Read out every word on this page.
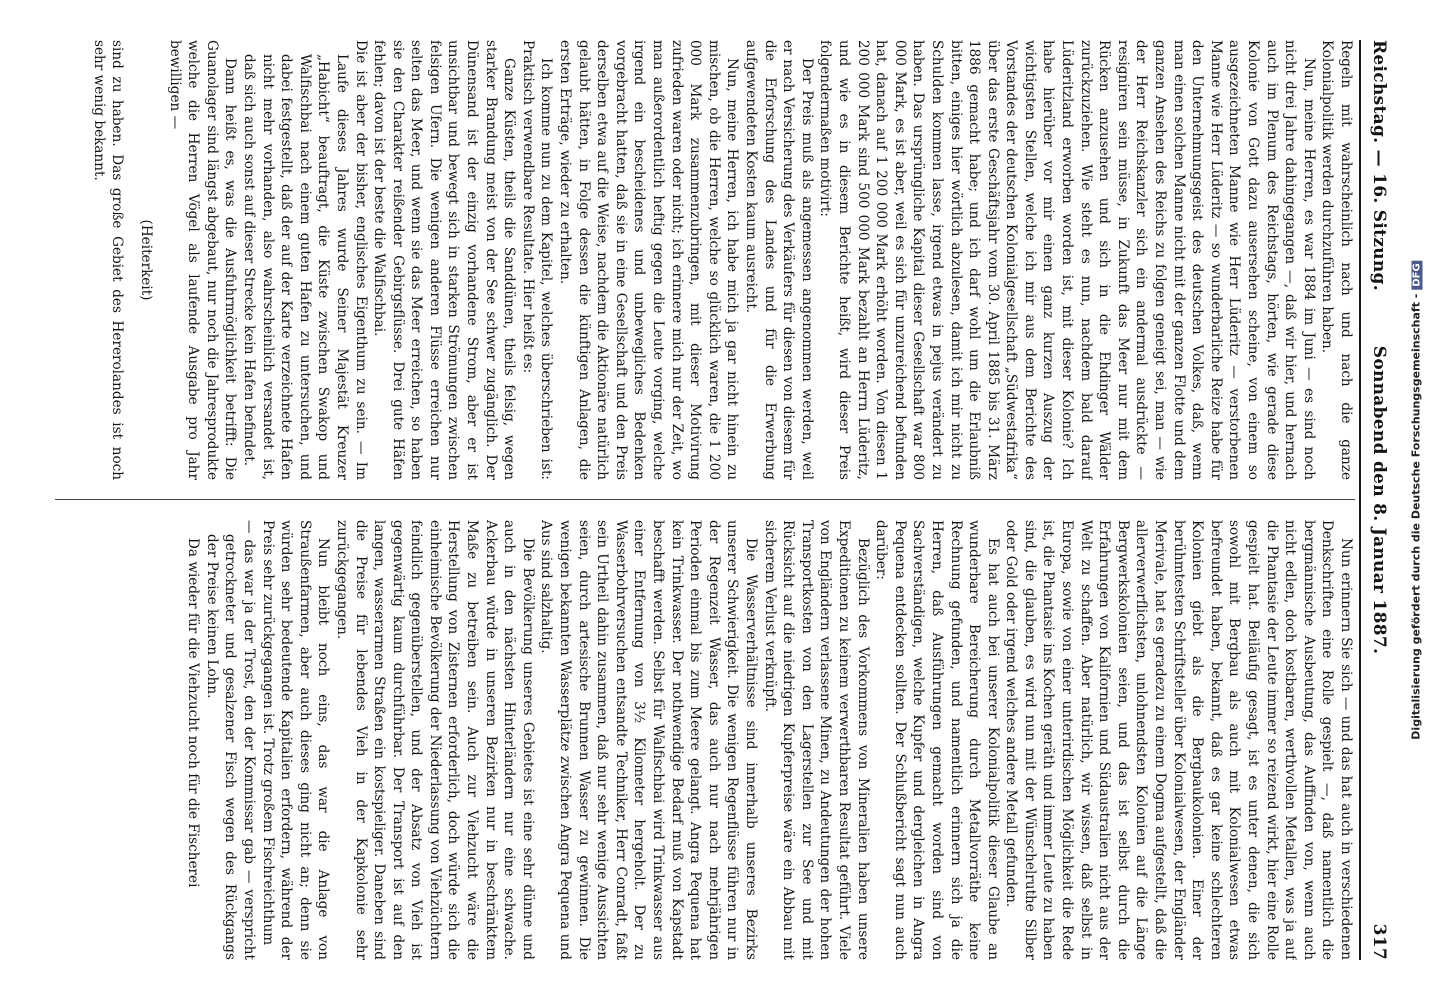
Reichstag. — 16. Sitzung.
Sonnabend den 8. Januar 1887.
317

Regeln mit wahrscheinlich nach und nach die ganze Kolonialpolitik werden durchzuführen haben.

Nun, meine Herren, es war 1884 im Juni — es sind noch nicht drei Jahre dahingegangen —, daß wir hier, und hernach auch im Plenum des Reichstags, hörten, wie gerade diese Kolonie von Gott dazu ausersehen scheine, von einem so ausgezeichneten Manne wie Herr Lüderitz — verstorbenen Manne wie Herr Lüderitz — so wunderbarliche Reize habe für den Unternehmungsgeist des deutschen Volkes, daß, wenn man einen solchen Manne nicht mit der ganzen Flotte und dem ganzen Ansehen des Reichs zu folgen geneigt sei, man — wie der Herr Reichskanzler sich ein andermal ausdrückte — resigniren sein müsse, in Zukunft das Meer nur mit dem Rücken anzusehen und sich in die Ehdinger Wälder zurückzuziehen. Wie steht es nun, nachdem bald darauf Lüderitzland erworben worden ist, mit dieser Kolonie? Ich habe hierüber vor mir einen ganz kurzen Auszug der wichtigsten Stellen, welche ich mir aus dem Berichte des Vorstandes der deutschen Kolonialgesellschaft „Südwestafrika“ über das erste Geschäftsjahr vom 30. April 1885 bis 31. März 1886 gemacht habe; und ich darf wohl um die Erlaubniß bitten, einiges hier wörtlich abzulesen, damit ich mir nicht zu Schulden kommen lasse, irgend etwas in pejus verändert zu haben. Das ursprüngliche Kapital dieser Gesellschaft war 800 000 Mark, es ist aber, weil es sich für unzureichend befunden hat, danach auf 1 200 000 Mark erhöht worden. Von diesen 1 200 000 Mark sind 500 000 Mark bezahlt an Herrn Lüderitz, und wie es in diesem Berichte heißt, wird dieser Preis folgendermaßen motivirt:

Der Preis muß als angemessen angenommen werden, weil er nach Versicherung des Verkäufers für diesen von diesem für die Erforschung des Landes und für die Erwerbung aufgewendeten Kosten kaum ausreicht.

Nun, meine Herren, ich habe mich ja gar nicht hinein zu mischen, ob die Herren, welche so glücklich waren, die 1 200 000 Mark zusammenzubringen, mit dieser Motivirung zufrieden waren oder nicht; ich erinnere mich nur der Zeit, wo man außerordentlich heftig gegen die Leute vorging, welche irgend ein bescheidenes und unbewegliches Bedenken vorgebracht hatten, daß sie in eine Gesellschaft und den Preis derselben etwa auf die Weise, nachdem die Aktionäre natürlich gelaubt hätten, in Folge dessen die künftigen Anlagen, die ersten Erträge, wieder zu erhalten.

Ich komme nun zu dem Kapitel, welches überschrieben ist: Praktisch verwendbare Resultate. Hier heißt es:

Ganze Küsten, theils die Sanddünen, theils felsig, wegen starker Brandung meist von der See schwer zugänglich. Der Dünensand ist der einzig vorhandene Strom, aber er ist unsichtbar und bewegt sich in starken Strömungen zwischen felsigen Ufern. Die wenigen anderen Flüsse erreichen nur selten das Meer, und wenn sie das Meer erreichen, so haben sie den Charakter reißender Gebirgsflüsse. Drei gute Häfen fehlen; davon ist der beste die Walfischbai.

Die ist aber der bisher, englisches Eigenthum zu sein. — Im Laufe dieses Jahres wurde Seiner Majestät Kreuzer „Habicht“ beauftragt, die Küste zwischen Swakop und Walfischbai nach einem guten Hafen zu untersuchen, und dabei festgestellt, daß der auf der Karte verzeichnete Hafen nicht mehr vorhanden, also wahrscheinlich versandet ist, daß sich auch sonst auf dieser Strecke kein Hafen befindet.

Dann heißt es, was die Ausfuhrmöglichkeit betrifft: Die Guanolager sind längst abgebaut, nur noch die Jahresprodukte welche die Herren Vögel als laufende Ausgabe pro Jahr bewilligen —

(Heiterkeit)

sind zu haben. Das große Gebiet des Hererolandes ist noch sehr wenig bekannt.

Nun erinnern Sie sich — und das hat auch in verschiedenen Denkschriften eine Rolle gespielt —, daß namentlich die bergmännische Ausbeutung, das Auffinden von, wenn auch nicht edlen, doch kostbaren, werthvollen Metallen, was ja auf die Phantasie der Leute immer so reizend wirkt, hier eine Rolle gespielt hat. Beiläufig gesagt, ist es unter denen, die sich sowohl mit Bergbau als auch mit Kolonialwesen etwas befreundet haben, bekannt, daß es gar keine schlechteren Kolonien giebt als die Bergbaukolonien. Einer der berühmtesten Schriftsteller über Kolonialwesen, der Engländer Merivale, hat es geradezu zu einem Dogma aufgestellt, daß die allerverwerflichsten, unlohnendsten Kolonien auf die Länge Bergwerkskolonien seien, und das ist selbst durch die Erfahrungen von Kalifornien und Südaustralien nicht aus der Welt zu schaffen. Aber natürlich, wir wissen, daß selbst in Europa, sowie von einer unterirdischen Möglichkeit die Rede ist, die Phantasie ins Kochen geräth und immer Leute zu haben sind, die glauben, es wird nun mit der Wünschelruthe Silber oder Gold oder irgend welches andere Metall gefunden.

Es hat auch bei unserer Kolonialpolitik dieser Glaube an wunderbare Bereicherung durch Metallvorräthe keine Rechnung gefunden, und namentlich erinnern sich ja die Herren, daß Ausführungen gemacht worden sind von Sachverständigen, welche Kupfer und dergleichen in Angra Pequena entdecken sollten. Der Schlußbericht sagt nun auch darüber:

Bezüglich des Vorkommens von Mineralien haben unsere Expeditionen zu keinem verwerthbaren Resultat geführt. Viele von Engländern verlassene Minen, zu Andeutungen der hohen Transportkosten von den Lagerstellen zur See und mit Rücksicht auf die niedrigen Kupferpreise wäre ein Abbau mit sicherem Verlust verknüpft.

Die Wasserverhältnisse sind innerhalb unseres Bezirks unserer Schwierigkeit. Die wenigen Regenflüsse führen nur in der Regenzeit Wasser, das auch nur nach mehrjährigen Perioden einmal bis zum Meere gelangt. Angra Pequena hat kein Trinkwasser. Der nothwendige Bedarf muß von Kapstadt beschafft werden. Selbst für Walfischbai wird Trinkwasser aus einer Entfernung von 3½ Kilometer hergeholt. Der zu Wasserbohrversuchen entsandte Techniker, Herr Conradt, faßt sein Urtheil dahin zusammen, daß nur sehr wenige Aussichten seien, durch artesische Brunnen Wasser zu gewinnen. Die wenigen bekannten Wasserplätze zwischen Angra Pequena und Aus sind salzhaltig.

Die Bevölkerung unseres Gebietes ist eine sehr dünne und auch in den nächsten Hinterländern nur eine schwache. Ackerbau würde in unseren Bezirken nur in beschränktem Maße zu betreiben sein. Auch zur Viehzucht wäre die Herstellung von Zisternen erforderlich, doch würde sich die einheimische Bevölkerung der Niederlassung von Viehzüchtern feindlich gegenüberstellen, und der Absatz von Vieh ist gegenwärtig kaum durchführbar. Der Transport ist auf den langen, wasserarmen Straßen ein kostspieliger. Daneben sind die Preise für lebendes Vieh in der Kapkolonie sehr zurückgegangen.

Nun bleibt noch eins, das war die Anlage von Straußenfarmen, aber auch dieses ging nicht an; denn sie würden sehr bedeutende Kapitalien erfordern, während der Preis sehr zurückgegangen ist. Trotz großem Fischreichthum

— das war ja der Trost, den der Kommissar gab — verspricht getrockneter und gesalzener Fisch wegen des Rückgangs der Preise keinen Lohn.

Da wieder für die Viehzucht noch für die Fischerei	Digitalisierung gefördert durch die Deutsche Forschungsgemeinschaft -DFG
